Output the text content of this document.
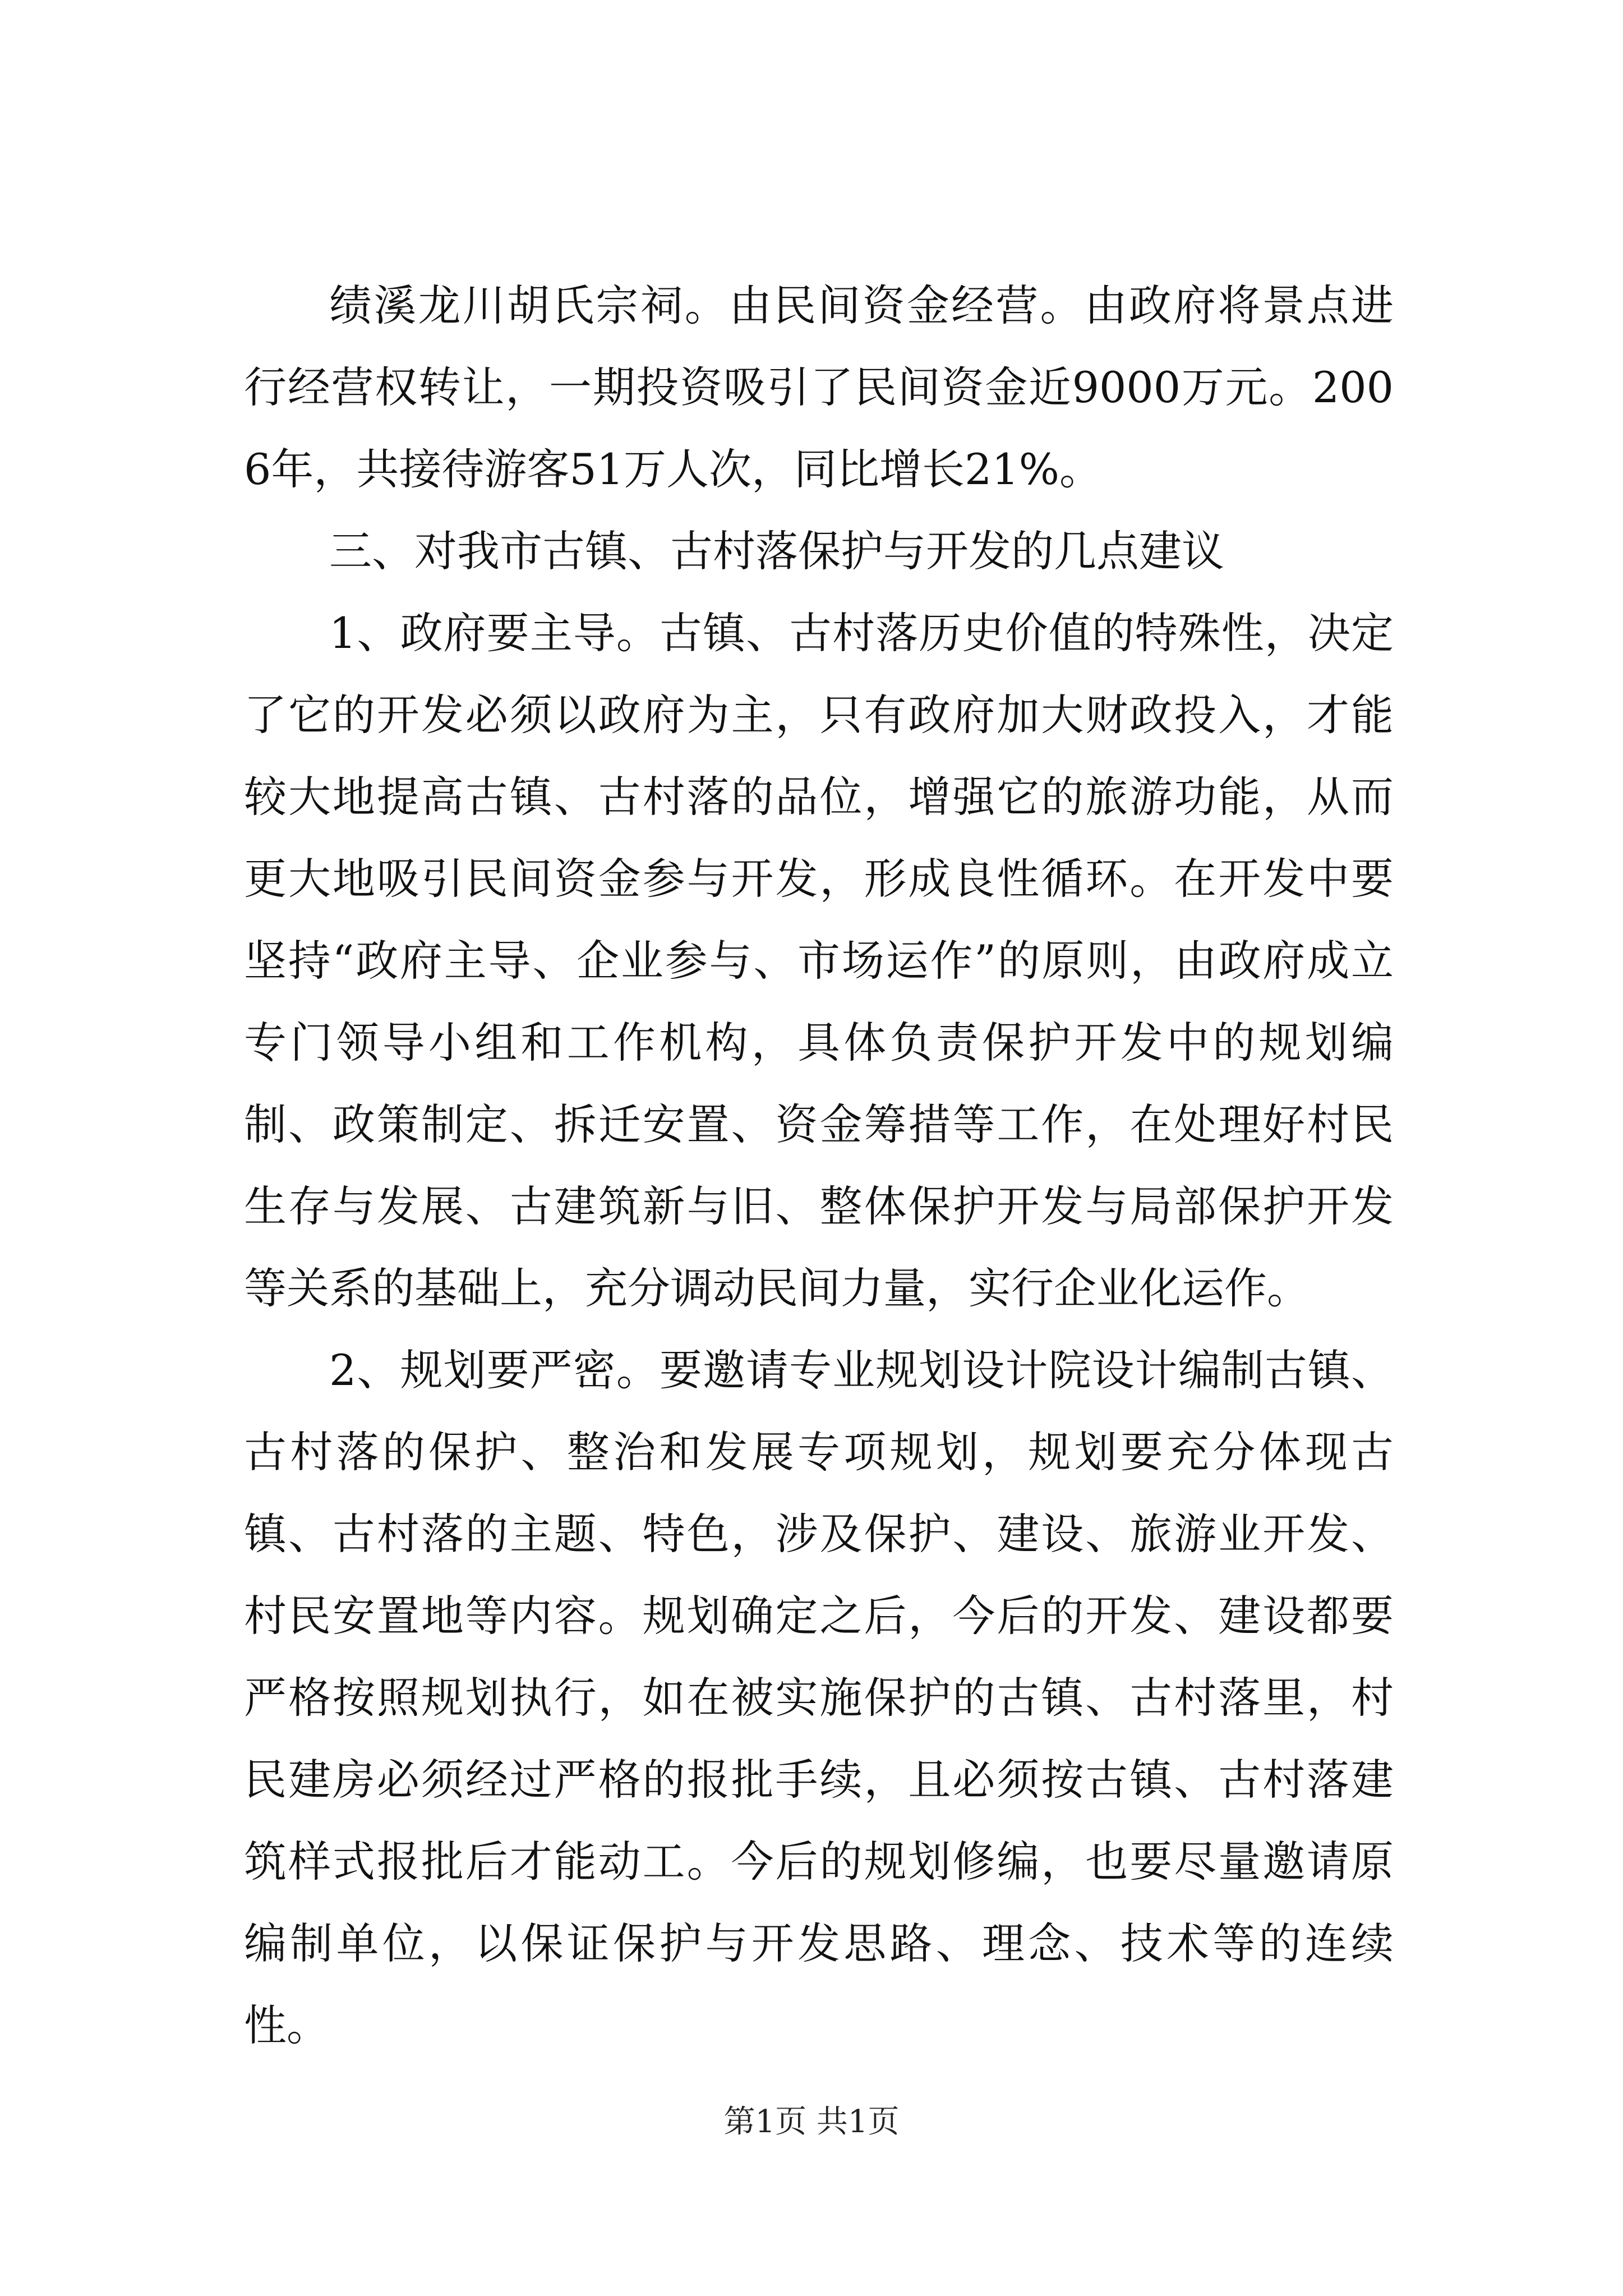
绩溪龙川胡氏宗祠。由民间资金经营。由政府将景点进行经营权转让，一期投资吸引了民间资金近9000万元。2006年，共接待游客51万人次，同比增长21%。

三、对我市古镇、古村落保护与开发的几点建议

1、政府要主导。古镇、古村落历史价值的特殊性，决定了它的开发必须以政府为主，只有政府加大财政投入，才能较大地提高古镇、古村落的品位，增强它的旅游功能，从而更大地吸引民间资金参与开发，形成良性循环。在开发中要坚持“政府主导、企业参与、市场运作”的原则，由政府成立专门领导小组和工作机构，具体负责保护开发中的规划编制、政策制定、拆迁安置、资金筹措等工作，在处理好村民生存与发展、古建筑新与旧、整体保护开发与局部保护开发等关系的基础上，充分调动民间力量，实行企业化运作。

2、规划要严密。要邀请专业规划设计院设计编制古镇、古村落的保护、整治和发展专项规划，规划要充分体现古镇、古村落的主题、特色，涉及保护、建设、旅游业开发、村民安置地等内容。规划确定之后，今后的开发、建设都要严格按照规划执行，如在被实施保护的古镇、古村落里，村民建房必须经过严格的报批手续，且必须按古镇、古村落建筑样式报批后才能动工。今后的规划修编，也要尽量邀请原编制单位，以保证保护与开发思路、理念、技术等的连续性。

第1页 共1页
